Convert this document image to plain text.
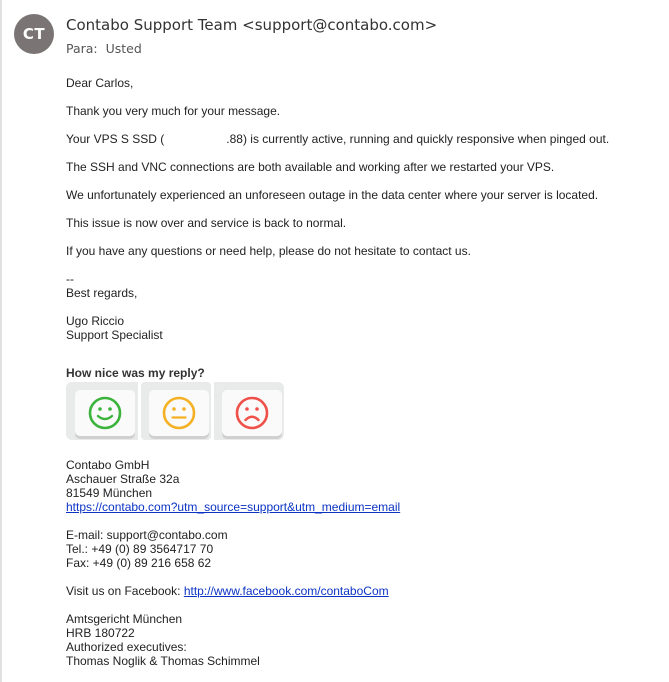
CT	Contabo Support Team <support@contabo.com>
Para: Usted

Dear Carlos,

Thank you very much for your message.

Your VPS S SSD (	.88) is currently active, running and quickly responsive when pinged out.

The SSH and VNC connections are both available and working after we restarted your VPS.

We unfortunately experienced an unforeseen outage in the data center where your server is located.

This issue is now over and service is back to normal.

If you have any questions or need help, please do not hesitate to contact us.

--
Best regards,
Ugo Riccio
Support Specialist
How nice was my reply?
Contabo GmbH
Aschauer Straße 32a
81549 München
https://contabo.com?utm_source=support&utm_medium=email
E-mail: support@contabo.com
Tel.: +49 (0) 89 3564717 70
Fax: +49 (0) 89 216 658 62
Visit us on Facebook: http://www.facebook.com/contaboCom
Amtsgericht München
HRB 180722
Authorized executives:
Thomas Noglik & Thomas Schimmel
